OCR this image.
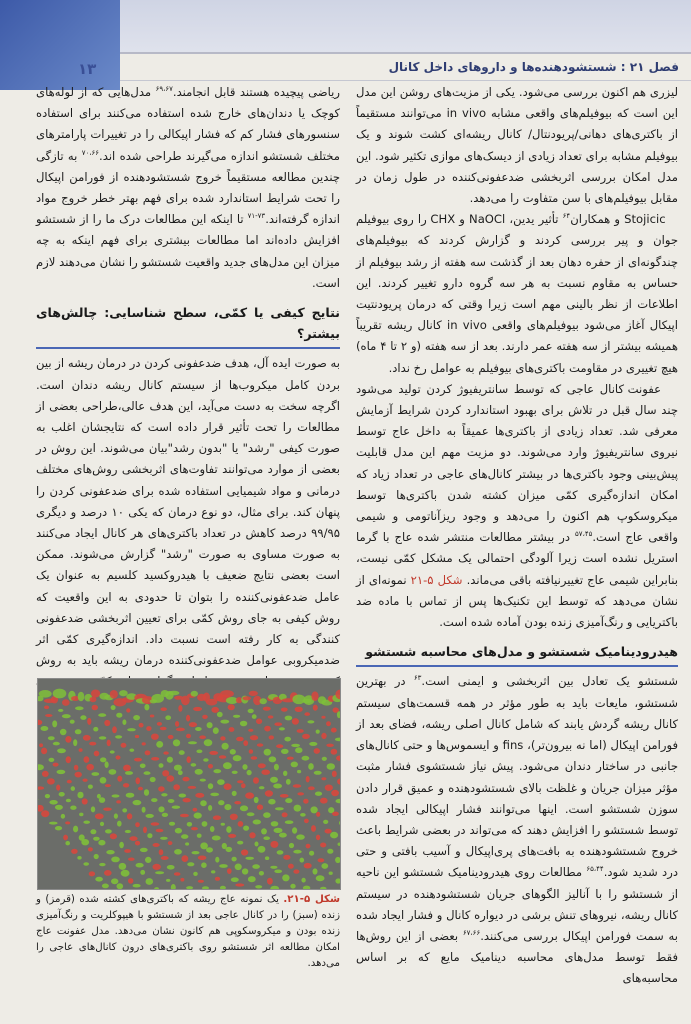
۱۳	فصل ۲۱ : شستشودهنده‌ها و داروهای داخل کانال

لیزری هم اکنون بررسی می‌شود. یکی از مزیت‌های روشن این مدل این است که بیوفیلم‌های واقعی مشابه in vivo می‌توانند مستقیماً از باکتری‌های دهانی/پریودنتال/ کانال ریشه‌ای کشت شوند و یک بیوفیلم مشابه برای تعداد زیادی از دیسک‌های موازی تکثیر شود. این مدل امکان بررسی اثربخشی ضدعفونی‌کننده در طول زمان در مقابل بیوفیلم‌های با سن متفاوت را می‌دهد.

Stojicic و همکاران$^{۶۴}$ تأثیر یدین، NaOCl و CHX را روی بیوفیلم جوان و پیر بررسی کردند و گزارش کردند که بیوفیلم‌های چندگونه‌ای از حفره دهان بعد از گذشت سه هفته از رشد بیوفیلم از حساس به مقاوم نسبت به هر سه گروه دارو تغییر کردند. این اطلاعات از نظر بالینی مهم است زیرا وقتی که درمان پریودنتیت اپیکال آغاز می‌شود بیوفیلم‌های واقعی in vivo کانال ریشه تقریباً همیشه بیشتر از سه هفته عمر دارند. بعد از سه هفته (و ۲ تا ۴ ماه) هیچ تغییری در مقاومت باکتری‌های بیوفیلم به عوامل رخ نداد.

عفونت کانال عاجی که توسط سانتریفیوژ کردن تولید می‌شود چند سال قبل در تلاش برای بهبود استاندارد کردن شرایط آزمایش معرفی شد. تعداد زیادی از باکتری‌ها عمیقاً به داخل عاج توسط نیروی سانتریفیوژ وارد می‌شوند. دو مزیت مهم این مدل قابلیت پیش‌بینی وجود باکتری‌ها در بیشتر کانال‌های عاجی در تعداد زیاد که امکان اندازه‌گیری کمّی میزان کشته شدن باکتری‌ها توسط میکروسکوپ هم اکنون را می‌دهد و وجود ریزآناتومی و شیمی واقعی عاج است.$^{۵۷،۴۵}$ در بیشتر مطالعات منتشر شده عاج با گرما استریل نشده است زیرا آلودگی احتمالی یک مشکل کمّی نیست، بنابراین شیمی عاج تغییرنیافته باقی می‌ماند. شکل ۵-۲۱ نمونه‌ای از نشان می‌دهد که توسط این تکنیک‌ها پس از تماس با ماده ضد باکتریایی و رنگ‌آمیزی زنده بودن آماده شده است.

هیدرودینامیک شستشو و مدل‌های محاسبه شستشو

شستشو یک تعادل بین اثربخشی و ایمنی است.$^{۶۳}$ در بهترین شستشو، مایعات باید به طور مؤثر در همه قسمت‌های سیستم کانال ریشه گردش یابند که شامل کانال اصلی ریشه، فضای بعد از فورامن اپیکال (اما نه بیرون‌تر)، fins و ایسموس‌ها و حتی کانال‌های جانبی در ساختار دندان می‌شود. پیش نیاز شستشوی فشار مثبت مؤثر میزان جریان و غلظت بالای شستشودهنده و عمیق قرار دادن سوزن شستشو است. اینها می‌توانند فشار اپیکالی ایجاد شده توسط شستشو را افزایش دهند که می‌تواند در بعضی شرایط باعث خروج شستشودهنده به بافت‌های پری‌اپیکال و آسیب بافتی و حتی درد شدید شود.$^{۶۵،۴۴}$ مطالعات روی هیدرودینامیک شستشو این ناحیه از شستشو را با آنالیز الگوهای جریان شستشودهنده در سیستم کانال ریشه، نیروهای تنش برشی در دیواره کانال و فشار ایجاد شده به سمت فورامن اپیکال بررسی می‌کنند.$^{۶۷،۶۶}$ بعضی از این روش‌ها فقط توسط مدل‌های محاسبه دینامیک مایع که بر اساس محاسبه‌های

ریاضی پیچیده هستند قابل انجامند.$^{۶۹،۶۷}$ مدل‌هایی که از لوله‌های کوچک یا دندان‌های خارج شده استفاده می‌کنند برای استفاده سنسورهای فشار کم که فشار اپیکالی را در تغییرات پارامترهای مختلف شستشو اندازه می‌گیرند طراحی شده اند.$^{۷۰،۶۶}$ به تازگی چندین مطالعه مستقیماً خروج شستشودهنده از فورامن اپیکال را تحت شرایط استاندارد شده برای فهم بهتر خطر خروج مواد اندازه گرفته‌اند.$^{۷۳-۷۱}$ تا اینکه این مطالعات درک ما را از شستشو افزایش داده‌اند اما مطالعات بیشتری برای فهم اینکه به چه میزان این مدل‌های جدید واقعیت شستشو را نشان می‌دهند لازم است.

نتایج کیفی یا کمّی، سطح شناسایی: چالش‌های بیشتر؟

به صورت ایده آل، هدف ضدعفونی کردن در درمان ریشه از بین بردن کامل میکروب‌ها از سیستم کانال ریشه دندان است. اگرچه سخت به دست می‌آید، این هدف عالی،طراحی بعضی از مطالعات را تحت تأثیر قرار داده است که نتایجشان اغلب به صورت کیفی "رشد" یا "بدون رشد"بیان می‌شوند. این روش در بعضی از موارد می‌توانند تفاوت‌های اثربخشی روش‌های مختلف درمانی و مواد شیمیایی استفاده شده برای ضدعفونی کردن را پنهان کند. برای مثال، دو نوع درمان که یکی ۱۰ درصد و دیگری ۹۹/۹۵ درصد کاهش در تعداد باکتری‌های هر کانال ایجاد می‌کنند به صورت مساوی به صورت "رشد" گزارش می‌شوند. ممکن است بعضی نتایج ضعیف با هیدروکسید کلسیم به عنوان یک عامل ضدعفونی‌کننده را بتوان تا حدودی به این واقعیت که روش کیفی به جای روش کمّی برای تعیین اثربخشی ضدعفونی کنندگی به کار رفته است نسبت داد. اندازه‌گیری کمّی اثر ضدمیکروبی عوامل ضدعفونی‌کننده درمان ریشه باید به روش

شکل ۵-۲۱. یک نمونه عاج ریشه که باکتری‌های کشته شده (قرمز) و زنده (سبز) را در کانال عاجی بعد از شستشو با هیپوکلریت و رنگ‌آمیزی زنده بودن و میکروسکوپی هم کانون نشان می‌دهد. مدل عفونت عاج امکان مطالعه اثر شستشو روی باکتری‌های درون کانال‌های عاجی را می‌دهد.
